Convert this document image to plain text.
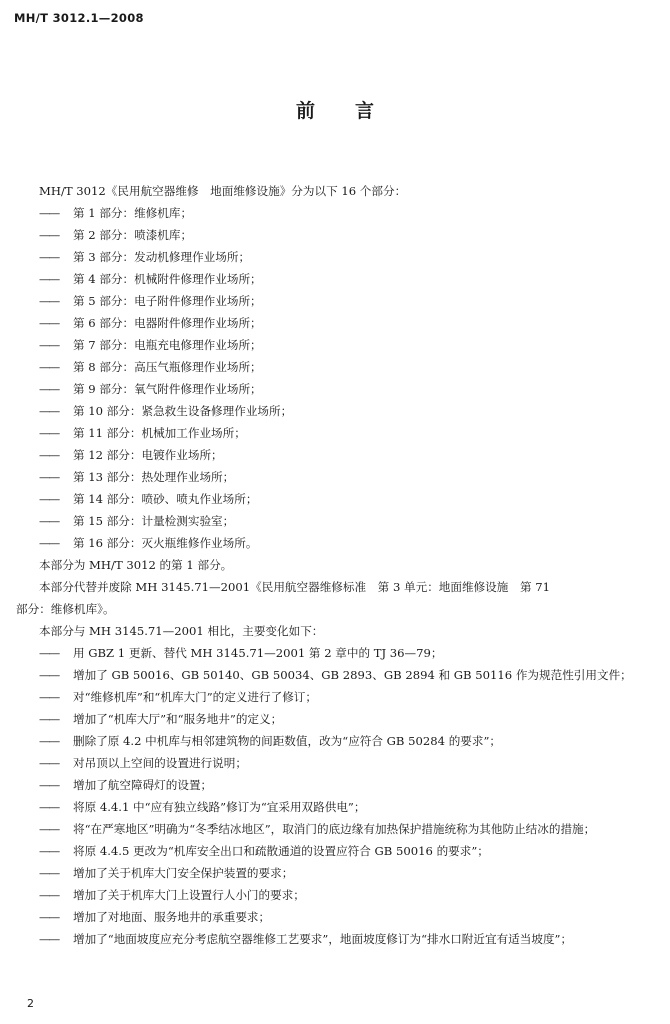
MH/T 3012.1—2008
前言
MH/T 3012《民用航空器维修　地面维修设施》分为以下 16 个部分：
——	第 1 部分：维修机库；
——	第 2 部分：喷漆机库；
——	第 3 部分：发动机修理作业场所；
——	第 4 部分：机械附件修理作业场所；
——	第 5 部分：电子附件修理作业场所；
——	第 6 部分：电器附件修理作业场所；
——	第 7 部分：电瓶充电修理作业场所；
——	第 8 部分：高压气瓶修理作业场所；
——	第 9 部分：氧气附件修理作业场所；
——	第 10 部分：紧急救生设备修理作业场所；
——	第 11 部分：机械加工作业场所；
——	第 12 部分：电镀作业场所；
——	第 13 部分：热处理作业场所；
——	第 14 部分：喷砂、喷丸作业场所；
——	第 15 部分：计量检测实验室；
——	第 16 部分：灭火瓶维修作业场所。
本部分为 MH/T 3012 的第 1 部分。
本部分代替并废除 MH 3145.71—2001《民用航空器维修标准　第 3 单元：地面维修设施　第 71
部分：维修机库》。
本部分与 MH 3145.71—2001 相比，主要变化如下：
——	用 GBZ 1 更新、替代 MH 3145.71—2001 第 2 章中的 TJ 36—79；
——	增加了 GB 50016、GB 50140、GB 50034、GB 2893、GB 2894 和 GB 50116 作为规范性引用文件；
——	对“维修机库”和“机库大门”的定义进行了修订；
——	增加了“机库大厅”和“服务地井”的定义；
——	删除了原 4.2 中机库与相邻建筑物的间距数值，改为“应符合 GB 50284 的要求”；
——	对吊顶以上空间的设置进行说明；
——	增加了航空障碍灯的设置；
——	将原 4.4.1 中“应有独立线路”修订为“宜采用双路供电”；
——	将“在严寒地区”明确为“冬季结冰地区”，取消门的底边缘有加热保护措施统称为其他防止结冰的措施；
——	将原 4.4.5 更改为“机库安全出口和疏散通道的设置应符合 GB 50016 的要求”；
——	增加了关于机库大门安全保护装置的要求；
——	增加了关于机库大门上设置行人小门的要求；
——	增加了对地面、服务地井的承重要求；
——	增加了“地面坡度应充分考虑航空器维修工艺要求”，地面坡度修订为“排水口附近宜有适当坡度”；
2
